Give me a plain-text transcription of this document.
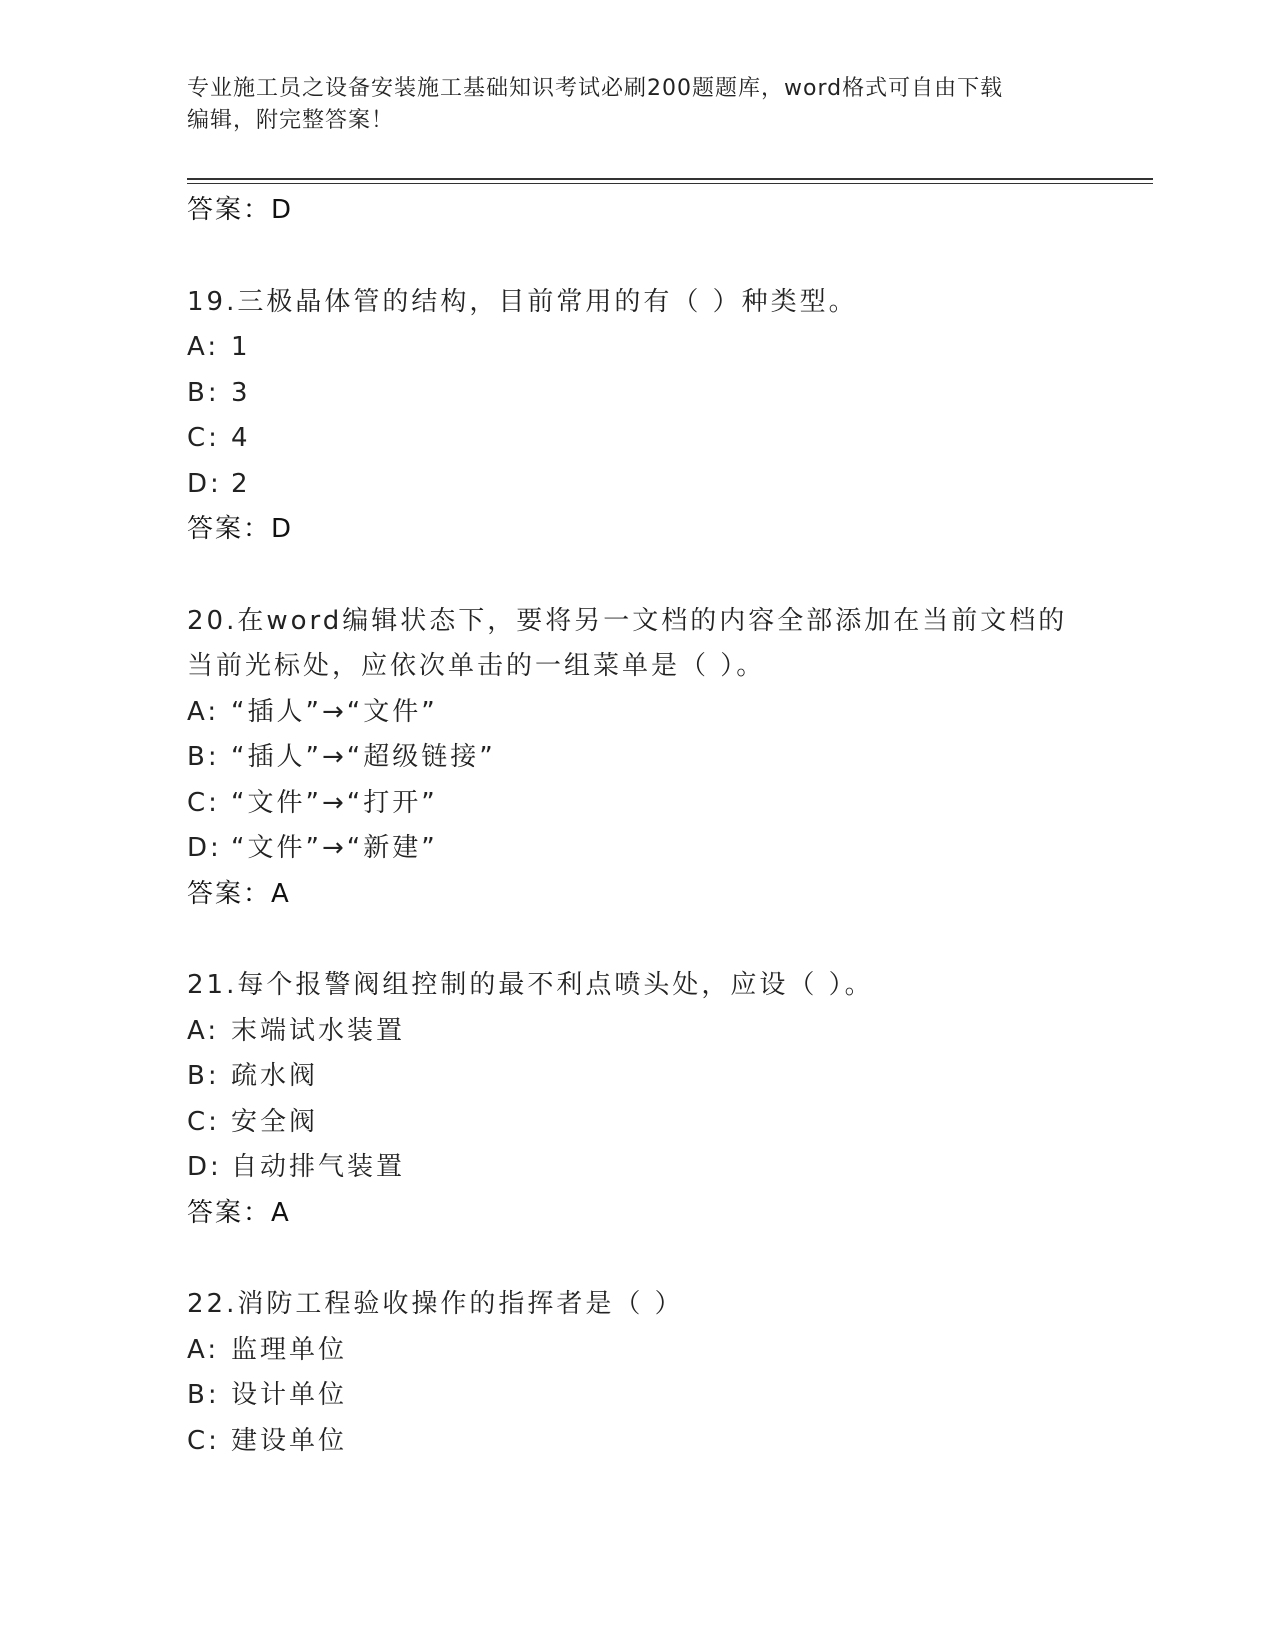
专业施工员之设备安装施工基础知识考试必刷200题题库，word格式可自由下载
编辑，附完整答案！
答案：D
19.三极晶体管的结构，目前常用的有（ ）种类型。
A: 1
B: 3
C: 4
D: 2
答案：D
20.在word编辑状态下，要将另一文档的内容全部添加在当前文档的
当前光标处，应依次单击的一组菜单是（ ）。
A: “插人”→“文件”
B: “插人”→“超级链接”
C: “文件”→“打开”
D: “文件”→“新建”
答案：A
21.每个报警阀组控制的最不利点喷头处，应设（ ）。
A: 末端试水装置
B: 疏水阀
C: 安全阀
D: 自动排气装置
答案：A
22.消防工程验收操作的指挥者是（ ）
A: 监理单位
B: 设计单位
C: 建设单位
